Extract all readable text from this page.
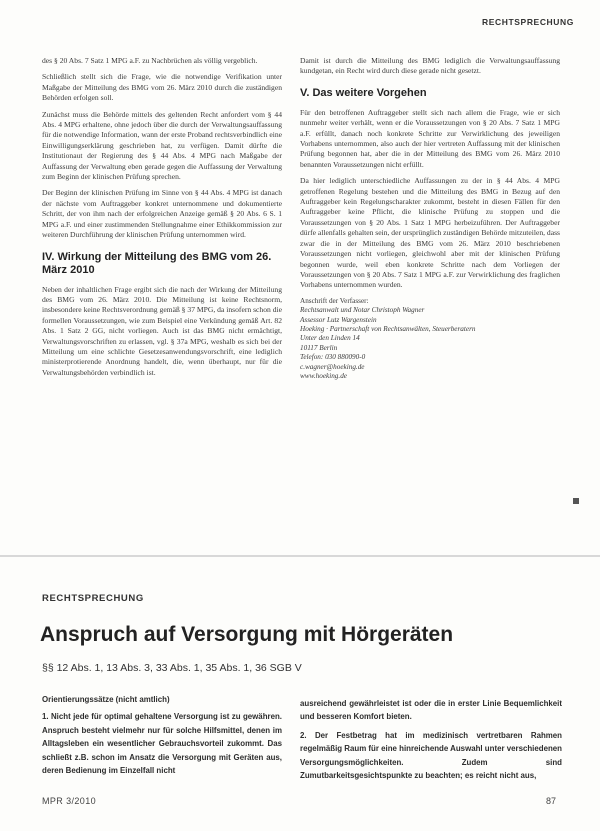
RECHTSPRECHUNG

des § 20 Abs. 7 Satz 1 MPG a.F. zu Nachbrüchen als völlig vergeblich.

Schließlich stellt sich die Frage, wie die notwendige Verifikation unter Maßgabe der Mitteilung des BMG vom 26. März 2010 durch die zuständigen Behörden erfolgen soll.

Zunächst muss die Behörde mittels des geltenden Recht anfordert vom § 44 Abs. 4 MPG erhaltene, ohne jedoch über die durch der Verwaltungsauffassung für die notwendige Information, wann der erste Proband rechtsverbindlich eine Einwilligungserklärung geschrieben hat, zu verfügen. Damit dürfte die Institutionaut der Regierung des § 44 Abs. 4 MPG nach Maßgabe der Auffassung der Verwaltung eben gerade gegen die Auffassung der Verwaltung zum Beginn der klinischen Prüfung sprechen.

Der Beginn der klinischen Prüfung im Sinne von § 44 Abs. 4 MPG ist danach der nächste vom Auftraggeber konkret unternommene und dokumentierte Schritt, der von ihm nach der erfolgreichen Anzeige gemäß § 20 Abs. 6 S. 1 MPG a.F. und einer zustimmenden Stellungnahme einer Ethikkommission zur weiteren Durchführung der klinischen Prüfung unternommen wird.

IV. Wirkung der Mitteilung des BMG vom 26. März 2010

Neben der inhaltlichen Frage ergibt sich die nach der Wirkung der Mitteilung des BMG vom 26. März 2010. Die Mitteilung ist keine Rechtsnorm, insbesondere keine Rechtsverordnung gemäß § 37 MPG, da insofern schon die formellen Voraussetzungen, wie zum Beispiel eine Verkündung gemäß Art. 82 Abs. 1 Satz 2 GG, nicht vorliegen. Auch ist das BMG nicht ermächtigt, Verwaltungsvorschriften zu erlassen, vgl. § 37a MPG, weshalb es sich bei der Mitteilung um eine schlichte Gesetzesanwendungsvorschrift, eine lediglich ministerprotierende Anordnung handelt, die, wenn überhaupt, nur für die Verwaltungsbehörden verbindlich ist.

Damit ist durch die Mitteilung des BMG lediglich die Verwaltungsauffassung kundgetan, ein Recht wird durch diese gerade nicht gesetzt.

V. Das weitere Vorgehen

Für den betroffenen Auftraggeber stellt sich nach allem die Frage, wie er sich nunmehr weiter verhält, wenn er die Voraussetzungen von § 20 Abs. 7 Satz 1 MPG a.F. erfüllt, danach noch konkrete Schritte zur Verwirklichung des jeweiligen Vorhabens unternommen, also auch der hier vertreten Auffassung mit der klinischen Prüfung begonnen hat, aber die in der Mitteilung des BMG vom 26. März 2010 benannten Voraussetzungen nicht erfüllt.

Da hier lediglich unterschiedliche Auffassungen zu der in § 44 Abs. 4 MPG getroffenen Regelung bestehen und die Mitteilung des BMG in Bezug auf den Auftraggeber kein Regelungscharakter zukommt, besteht in diesen Fällen für den Auftraggeber keine Pflicht, die klinische Prüfung zu stoppen und die Voraussetzungen von § 20 Abs. 1 Satz 1 MPG herbeizuführen. Der Auftraggeber dürfe allenfalls gehalten sein, der ursprünglich zuständigen Behörde mitzuteilen, dass zwar die in der Mitteilung des BMG vom 26. März 2010 beschriebenen Voraussetzungen nicht vorliegen, gleichwohl aber mit der klinischen Prüfung begonnen wurde, weil eben konkrete Schritte nach dem Vorliegen der Voraussetzungen von § 20 Abs. 7 Satz 1 MPG a.F. zur Verwirklichung des fraglichen Vorhabens unternommen wurden.

Anschrift der Verfasser:
Rechtsanwalt und Notar Christoph Wagner
Assessor Lutz Wargenstein
Hoeking · Partnerschaft von Rechtsanwälten, Steuerberatern
Unter den Linden 14
10117 Berlin
Telefon: 030 880090-0
c.wagner@hoeking.de
www.hoeking.de
RECHTSPRECHUNG
Anspruch auf Versorgung mit Hörgeräten
§§ 12 Abs. 1, 13 Abs. 3, 33 Abs. 1, 35 Abs. 1, 36 SGB V
Orientierungssätze (nicht amtlich)
1. Nicht jede für optimal gehaltene Versorgung ist zu gewähren. Anspruch besteht vielmehr nur für solche Hilfsmittel, denen im Alltagsleben ein wesentlicher Gebrauchsvorteil zukommt. Das schließt z.B. schon im Ansatz die Versorgung mit Geräten aus, deren Bedienung im Einzelfall nicht

ausreichend gewährleistet ist oder die in erster Linie Bequemlichkeit und besseren Komfort bieten.

2. Der Festbetrag hat im medizinisch vertretbaren Rahmen regelmäßig Raum für eine hinreichende Auswahl unter verschiedenen Versorgungsmöglichkeiten. Zudem sind Zumutbarkeitsgesichtspunkte zu beachten; es reicht nicht aus,

MPR 3/2010	87
